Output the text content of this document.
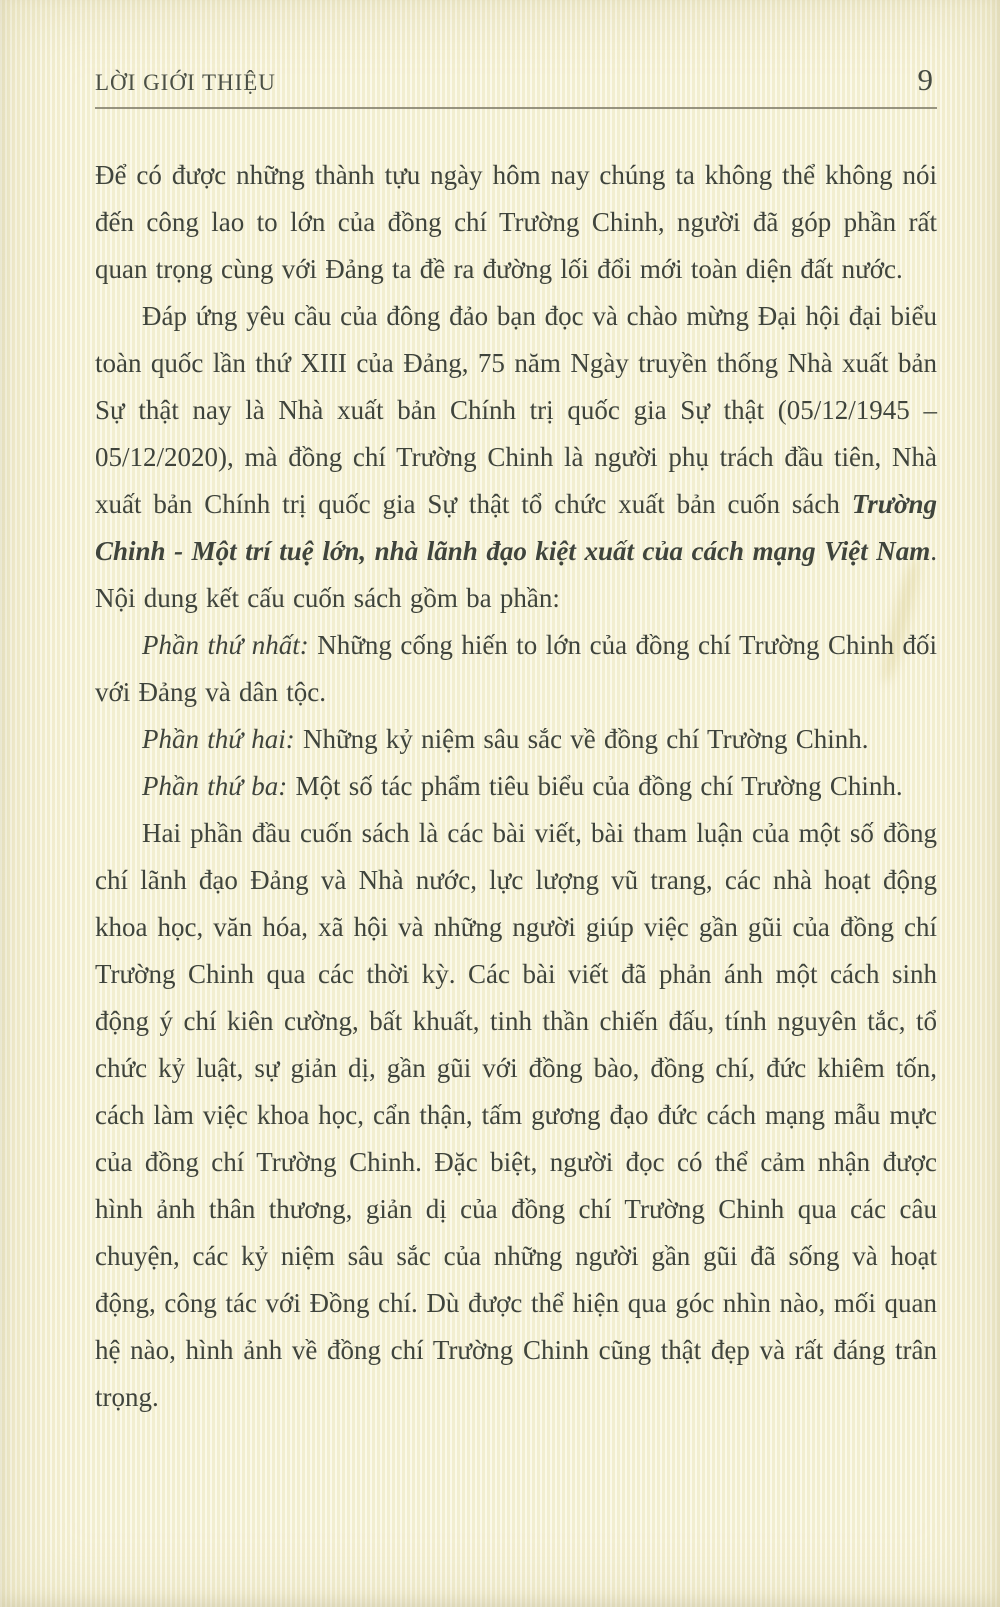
LỜI GIỚI THIỆU	9

Để có được những thành tựu ngày hôm nay chúng ta không thể không nói đến công lao to lớn của đồng chí Trường Chinh, người đã góp phần rất quan trọng cùng với Đảng ta đề ra đường lối đổi mới toàn diện đất nước.

Đáp ứng yêu cầu của đông đảo bạn đọc và chào mừng Đại hội đại biểu toàn quốc lần thứ XIII của Đảng, 75 năm Ngày truyền thống Nhà xuất bản Sự thật nay là Nhà xuất bản Chính trị quốc gia Sự thật (05/12/1945 – 05/12/2020), mà đồng chí Trường Chinh là người phụ trách đầu tiên, Nhà xuất bản Chính trị quốc gia Sự thật tổ chức xuất bản cuốn sách Trường Chinh - Một trí tuệ lớn, nhà lãnh đạo kiệt xuất của cách mạng Việt Nam. Nội dung kết cấu cuốn sách gồm ba phần:

Phần thứ nhất: Những cống hiến to lớn của đồng chí Trường Chinh đối với Đảng và dân tộc.

Phần thứ hai: Những kỷ niệm sâu sắc về đồng chí Trường Chinh.

Phần thứ ba: Một số tác phẩm tiêu biểu của đồng chí Trường Chinh.

Hai phần đầu cuốn sách là các bài viết, bài tham luận của một số đồng chí lãnh đạo Đảng và Nhà nước, lực lượng vũ trang, các nhà hoạt động khoa học, văn hóa, xã hội và những người giúp việc gần gũi của đồng chí Trường Chinh qua các thời kỳ. Các bài viết đã phản ánh một cách sinh động ý chí kiên cường, bất khuất, tinh thần chiến đấu, tính nguyên tắc, tổ chức kỷ luật, sự giản dị, gần gũi với đồng bào, đồng chí, đức khiêm tốn, cách làm việc khoa học, cẩn thận, tấm gương đạo đức cách mạng mẫu mực của đồng chí Trường Chinh. Đặc biệt, người đọc có thể cảm nhận được hình ảnh thân thương, giản dị của đồng chí Trường Chinh qua các câu chuyện, các kỷ niệm sâu sắc của những người gần gũi đã sống và hoạt động, công tác với Đồng chí. Dù được thể hiện qua góc nhìn nào, mối quan hệ nào, hình ảnh về đồng chí Trường Chinh cũng thật đẹp và rất đáng trân trọng.
